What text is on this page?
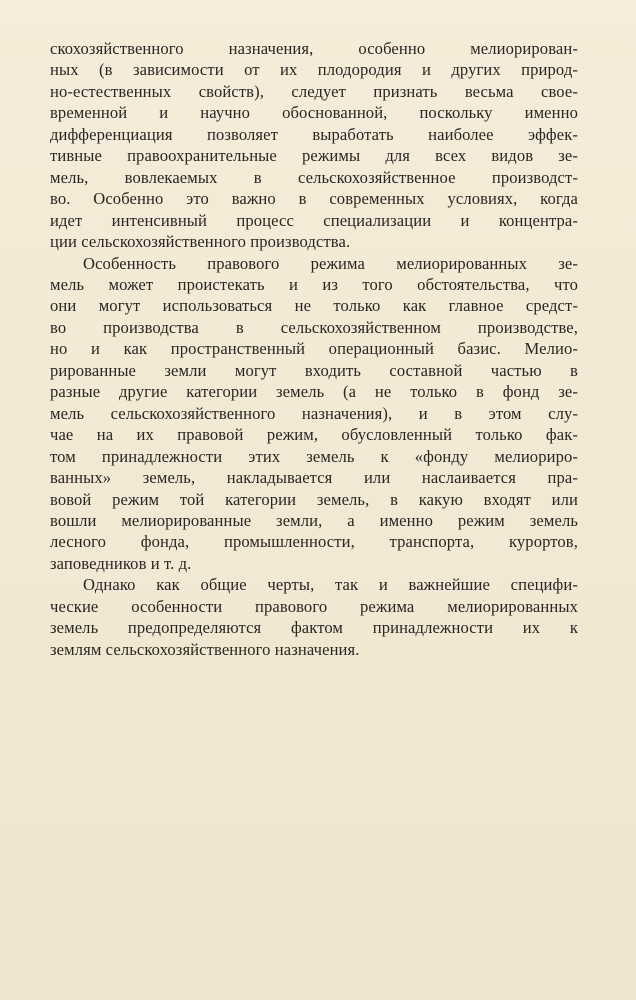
скохозяйственного назначения, особенно мелиорирован-
ных (в зависимости от их плодородия и других природ-
но-естественных свойств), следует признать весьма свое-
временной и научно обоснованной, поскольку именно
дифференциация позволяет выработать наиболее эффек-
тивные правоохранительные режимы для всех видов зе-
мель, вовлекаемых в сельскохозяйственное производст-
во. Особенно это важно в современных условиях, когда
идет интенсивный процесс специализации и концентра-
ции сельскохозяйственного производства.

Особенность правового режима мелиорированных зе-
мель может проистекать и из того обстоятельства, что
они могут использоваться не только как главное средст-
во производства в сельскохозяйственном производстве,
но и как пространственный операционный базис. Мелио-
рированные земли могут входить составной частью в
разные другие категории земель (а не только в фонд зе-
мель сельскохозяйственного назначения), и в этом слу-
чае на их правовой режим, обусловленный только фак-
том принадлежности этих земель к «фонду мелиориро-
ванных» земель, накладывается или наслаивается пра-
вовой режим той категории земель, в какую входят или
вошли мелиорированные земли, а именно режим земель
лесного фонда, промышленности, транспорта, курортов,
заповедников и т. д.

Однако как общие черты, так и важнейшие специфи-
ческие особенности правового режима мелиорированных
земель предопределяются фактом принадлежности их к
землям сельскохозяйственного назначения.
